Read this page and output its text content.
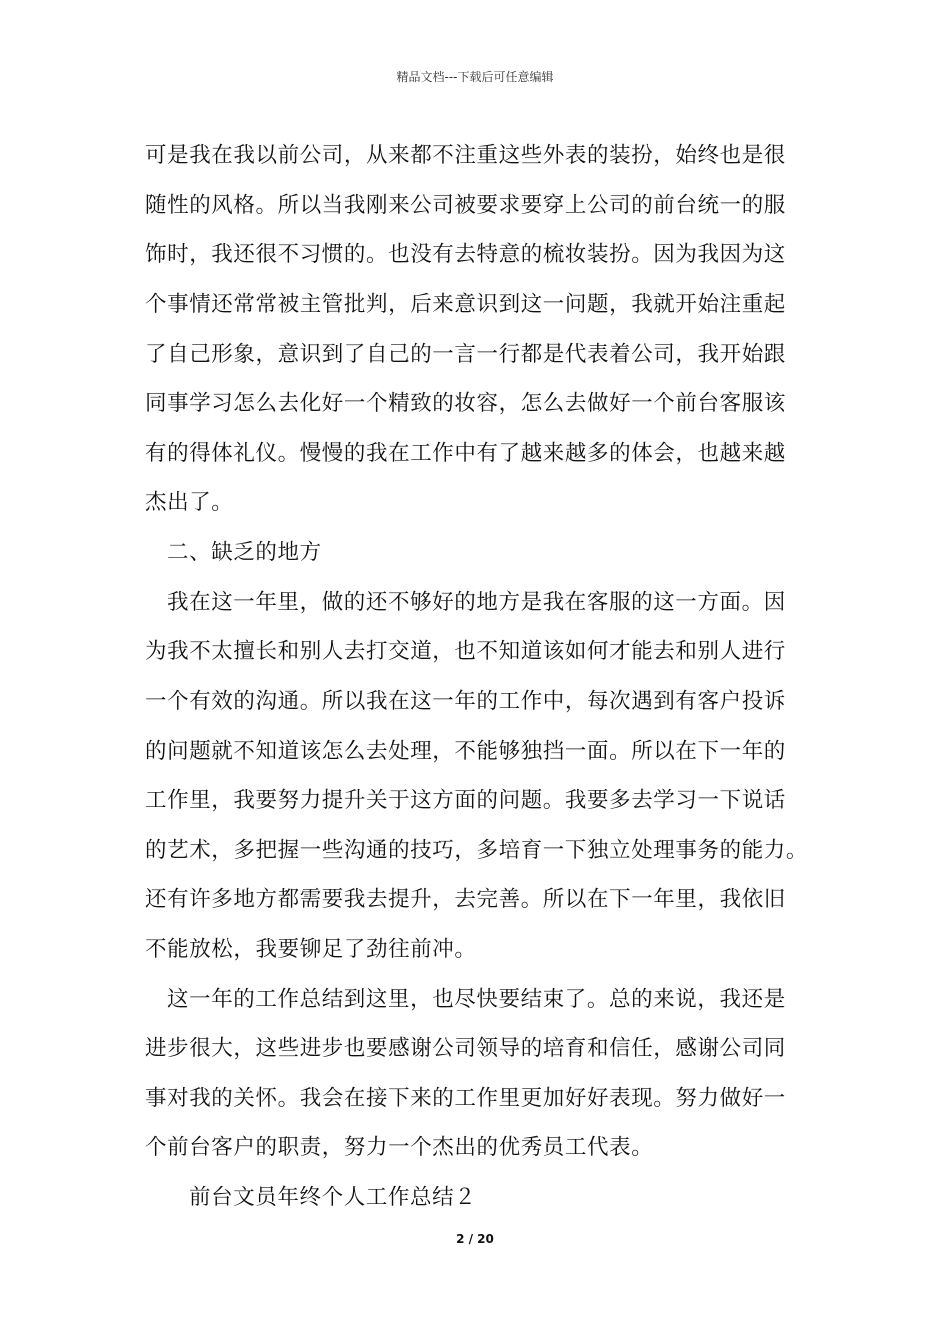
精品文档---下载后可任意编辑
可是我在我以前公司，从来都不注重这些外表的装扮，始终也是很
随性的风格。所以当我刚来公司被要求要穿上公司的前台统一的服
饰时，我还很不习惯的。也没有去特意的梳妆装扮。因为我因为这
个事情还常常被主管批判，后来意识到这一问题，我就开始注重起
了自己形象，意识到了自己的一言一行都是代表着公司，我开始跟
同事学习怎么去化好一个精致的妆容，怎么去做好一个前台客服该
有的得体礼仪。慢慢的我在工作中有了越来越多的体会，也越来越
杰出了。
二、缺乏的地方
我在这一年里，做的还不够好的地方是我在客服的这一方面。因
为我不太擅长和别人去打交道，也不知道该如何才能去和别人进行
一个有效的沟通。所以我在这一年的工作中，每次遇到有客户投诉
的问题就不知道该怎么去处理，不能够独挡一面。所以在下一年的
工作里，我要努力提升关于这方面的问题。我要多去学习一下说话
的艺术，多把握一些沟通的技巧，多培育一下独立处理事务的能力。
还有许多地方都需要我去提升，去完善。所以在下一年里，我依旧
不能放松，我要铆足了劲往前冲。
这一年的工作总结到这里，也尽快要结束了。总的来说，我还是
进步很大，这些进步也要感谢公司领导的培育和信任，感谢公司同
事对我的关怀。我会在接下来的工作里更加好好表现。努力做好一
个前台客户的职责，努力一个杰出的优秀员工代表。
前台文员年终个人工作总结２
2 / 20
